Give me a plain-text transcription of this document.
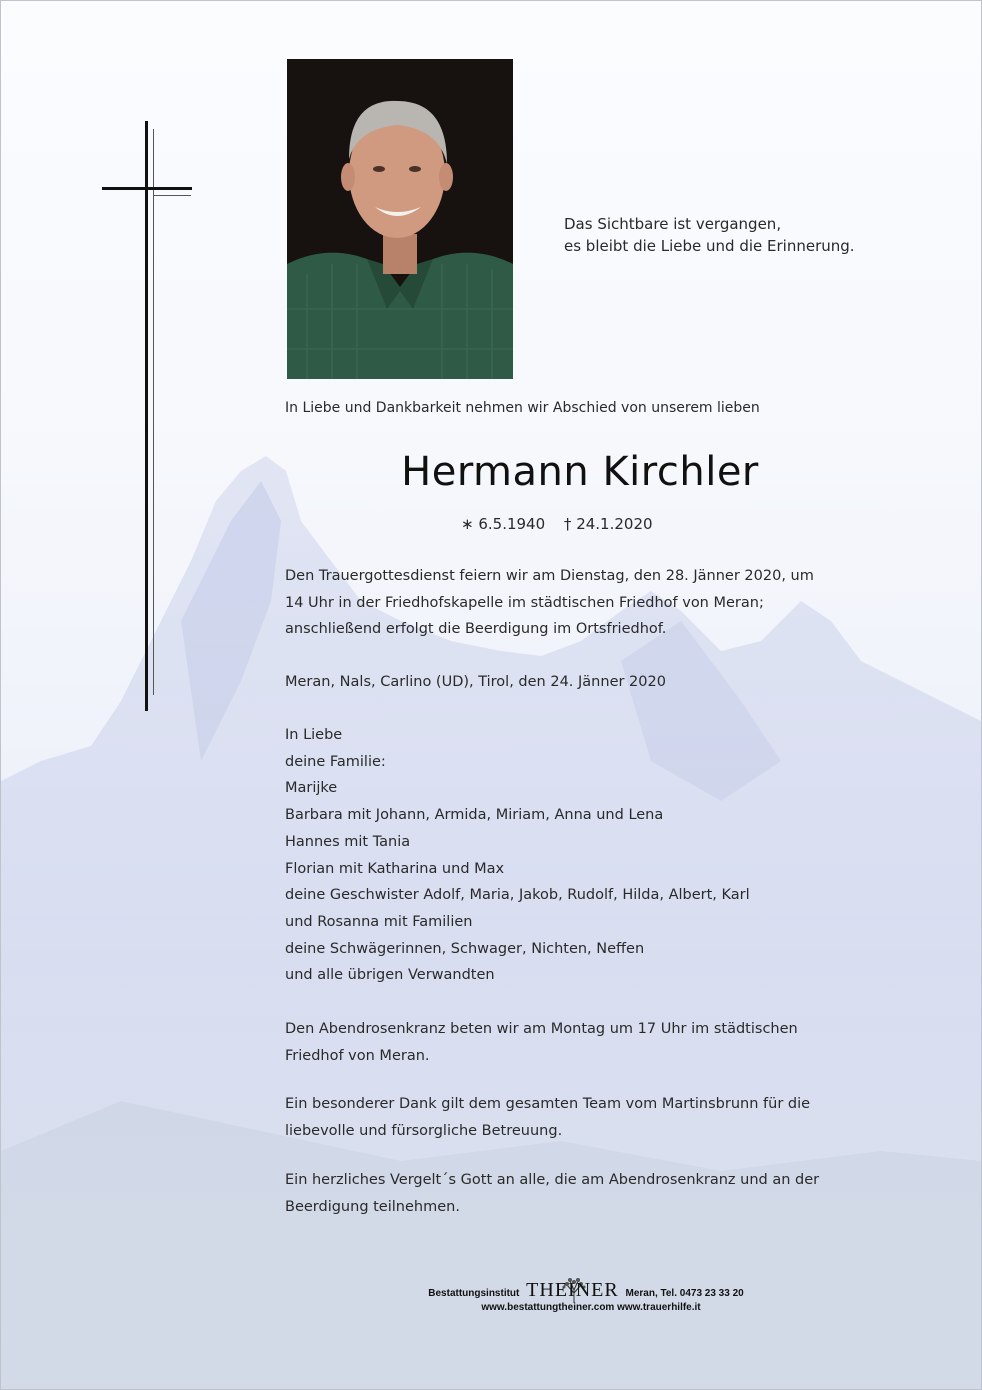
Das Sichtbare ist vergangen,
es bleibt die Liebe und die Erinnerung.
In Liebe und Dankbarkeit nehmen wir Abschied von unserem lieben
Hermann Kirchler
∗ 6.5.1940 † 24.1.2020
Den Trauergottesdienst feiern wir am Dienstag, den 28. Jänner 2020, um
14 Uhr in der Friedhofskapelle im städtischen Friedhof von Meran;
anschließend erfolgt die Beerdigung im Ortsfriedhof.
Meran, Nals, Carlino (UD), Tirol, den 24. Jänner 2020
In Liebe
deine Familie:
Marijke
Barbara mit Johann, Armida, Miriam, Anna und Lena
Hannes mit Tania
Florian mit Katharina und Max
deine Geschwister Adolf, Maria, Jakob, Rudolf, Hilda, Albert, Karl
und Rosanna mit Familien
deine Schwägerinnen, Schwager, Nichten, Neffen
und alle übrigen Verwandten
Den Abendrosenkranz beten wir am Montag um 17 Uhr im städtischen
Friedhof von Meran.
Ein besonderer Dank gilt dem gesamten Team vom Martinsbrunn für die
liebevolle und fürsorgliche Betreuung.
Ein herzliches Vergelt´s Gott an alle, die am Abendrosenkranz und an der
Beerdigung teilnehmen.
Bestattungsinstitut THEINER Meran, Tel. 0473 23 33 20
www.bestattungtheiner.com www.trauerhilfe.it
